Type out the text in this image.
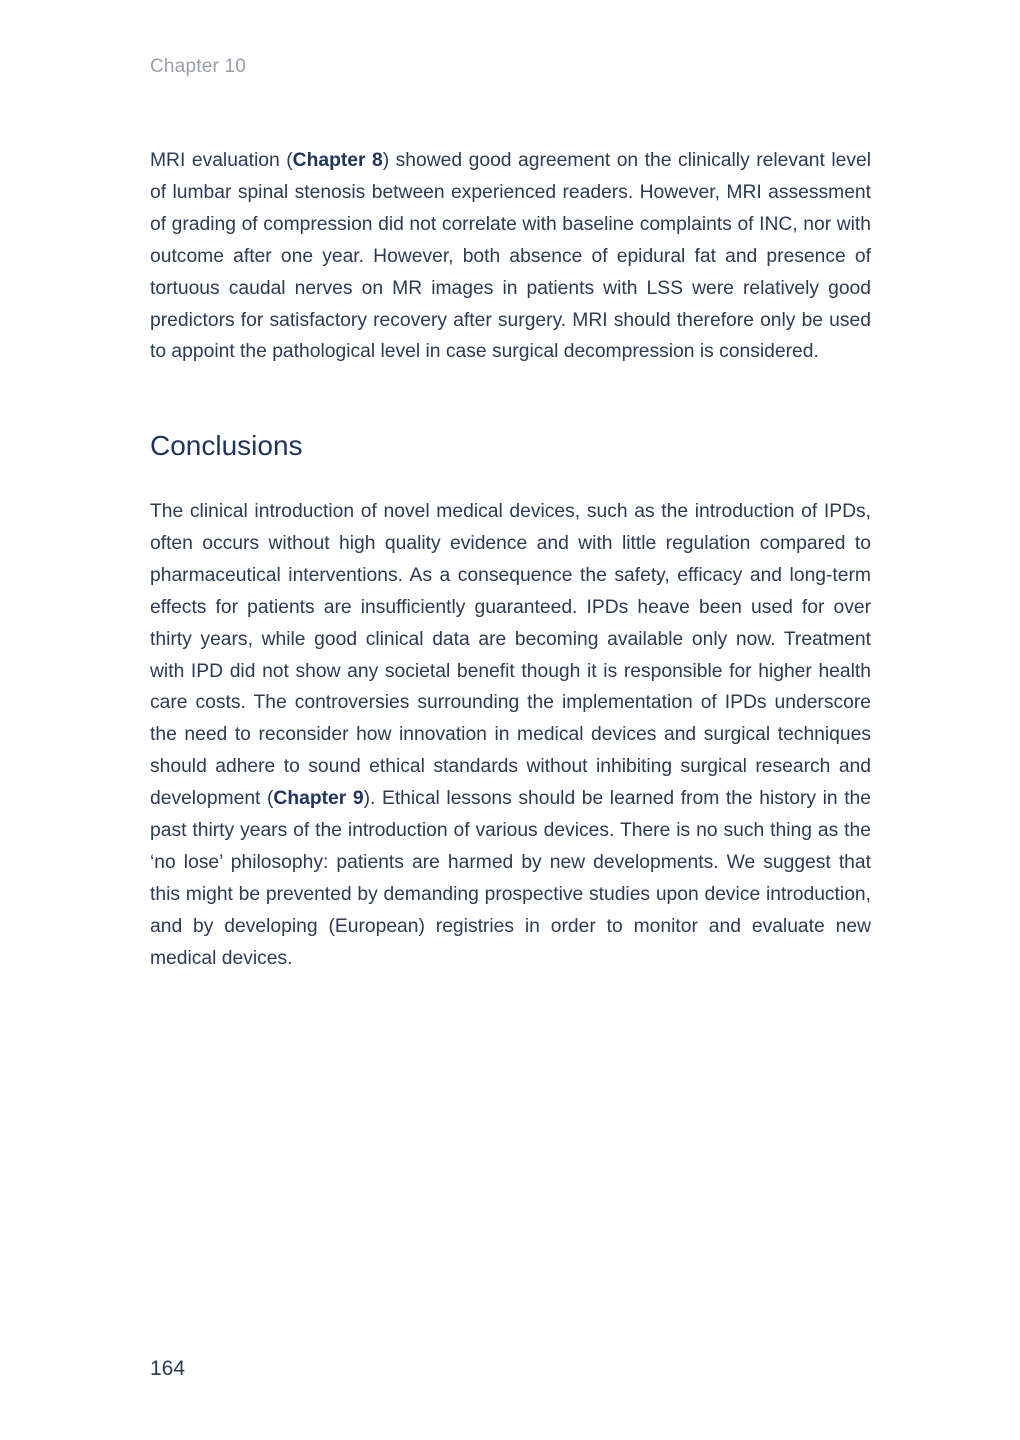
Chapter 10

MRI evaluation (Chapter 8) showed good agreement on the clinically relevant level of lumbar spinal stenosis between experienced readers. However, MRI assessment of grading of compression did not correlate with baseline complaints of INC, nor with outcome after one year. However, both absence of epidural fat and presence of tortuous caudal nerves on MR images in patients with LSS were relatively good predictors for satisfactory recovery after surgery. MRI should therefore only be used to appoint the pathological level in case surgical decompression is considered.

Conclusions

The clinical introduction of novel medical devices, such as the introduction of IPDs, often occurs without high quality evidence and with little regulation compared to pharmaceutical interventions. As a consequence the safety, efficacy and long-term effects for patients are insufficiently guaranteed. IPDs heave been used for over thirty years, while good clinical data are becoming available only now. Treatment with IPD did not show any societal benefit though it is responsible for higher health care costs. The controversies surrounding the implementation of IPDs underscore the need to reconsider how innovation in medical devices and surgical techniques should adhere to sound ethical standards without inhibiting surgical research and development (Chapter 9). Ethical lessons should be learned from the history in the past thirty years of the introduction of various devices. There is no such thing as the ‘no lose’ philosophy: patients are harmed by new developments. We suggest that this might be prevented by demanding prospective studies upon device introduction, and by developing (European) registries in order to monitor and evaluate new medical devices.

164
